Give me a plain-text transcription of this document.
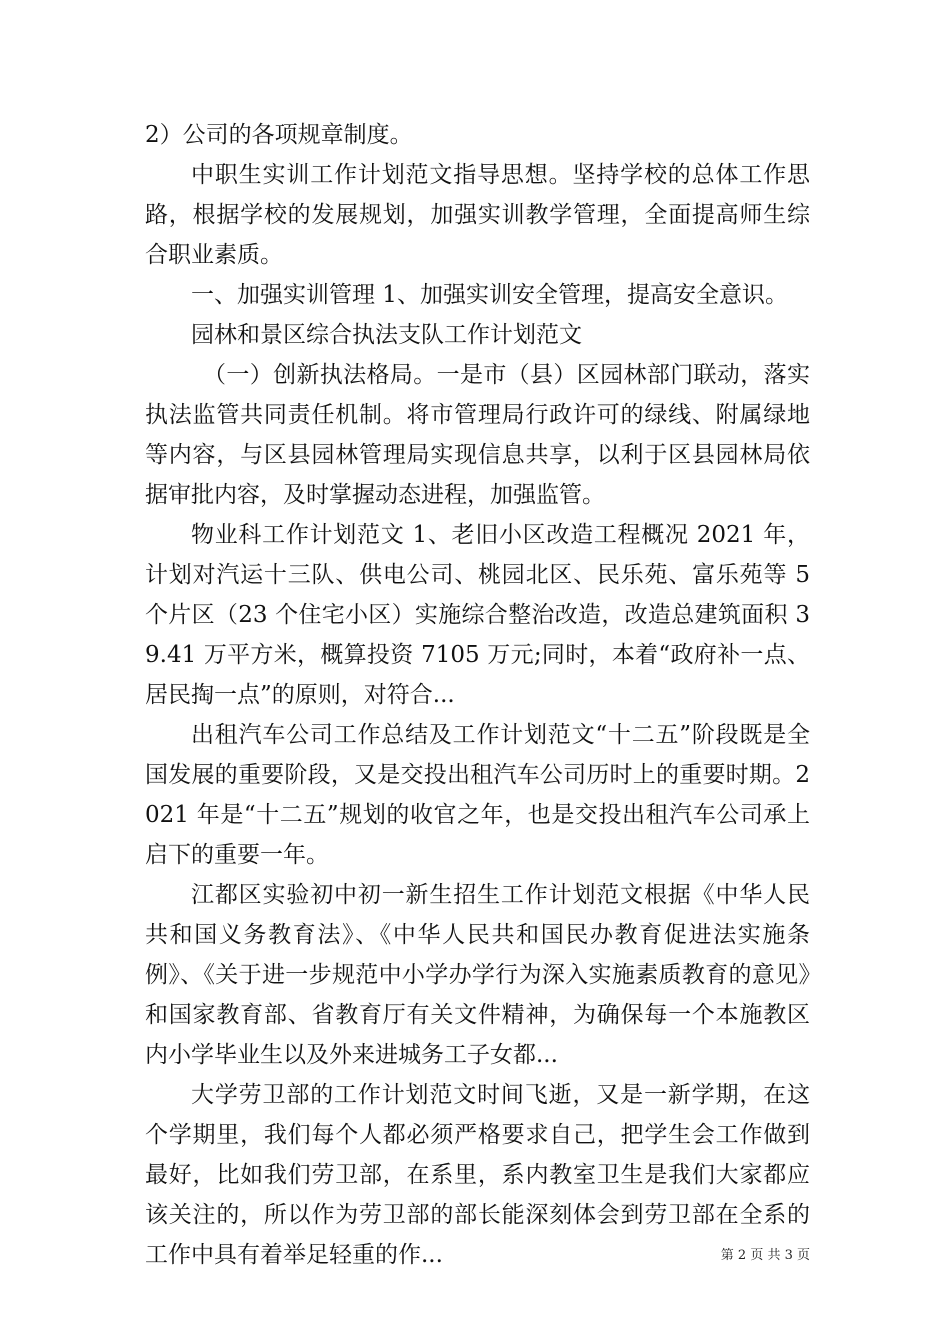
2）公司的各项规章制度。

中职生实训工作计划范文指导思想。坚持学校的总体工作思路，根据学校的发展规划，加强实训教学管理，全面提高师生综合职业素质。

一、加强实训管理 1、加强实训安全管理，提高安全意识。

园林和景区综合执法支队工作计划范文

（一）创新执法格局。一是市（县）区园林部门联动，落实执法监管共同责任机制。将市管理局行政许可的绿线、附属绿地等内容，与区县园林管理局实现信息共享，以利于区县园林局依据审批内容，及时掌握动态进程，加强监管。

物业科工作计划范文 1、老旧小区改造工程概况 2021 年，计划对汽运十三队、供电公司、桃园北区、民乐苑、富乐苑等 5 个片区（23 个住宅小区）实施综合整治改造，改造总建筑面积 39.41 万平方米，概算投资 7105 万元;同时，本着“政府补一点、居民掏一点”的原则，对符合...

出租汽车公司工作总结及工作计划范文“十二五”阶段既是全国发展的重要阶段，又是交投出租汽车公司历时上的重要时期。2021 年是“十二五”规划的收官之年，也是交投出租汽车公司承上启下的重要一年。

江都区实验初中初一新生招生工作计划范文根据《中华人民共和国义务教育法》、《中华人民共和国民办教育促进法实施条例》、《关于进一步规范中小学办学行为深入实施素质教育的意见》和国家教育部、省教育厅有关文件精神，为确保每一个本施教区内小学毕业生以及外来进城务工子女都...

大学劳卫部的工作计划范文时间飞逝，又是一新学期，在这个学期里，我们每个人都必须严格要求自己，把学生会工作做到最好，比如我们劳卫部，在系里，系内教室卫生是我们大家都应该关注的，所以作为劳卫部的部长能深刻体会到劳卫部在全系的工作中具有着举足轻重的作...	第 2 页 共 3 页
